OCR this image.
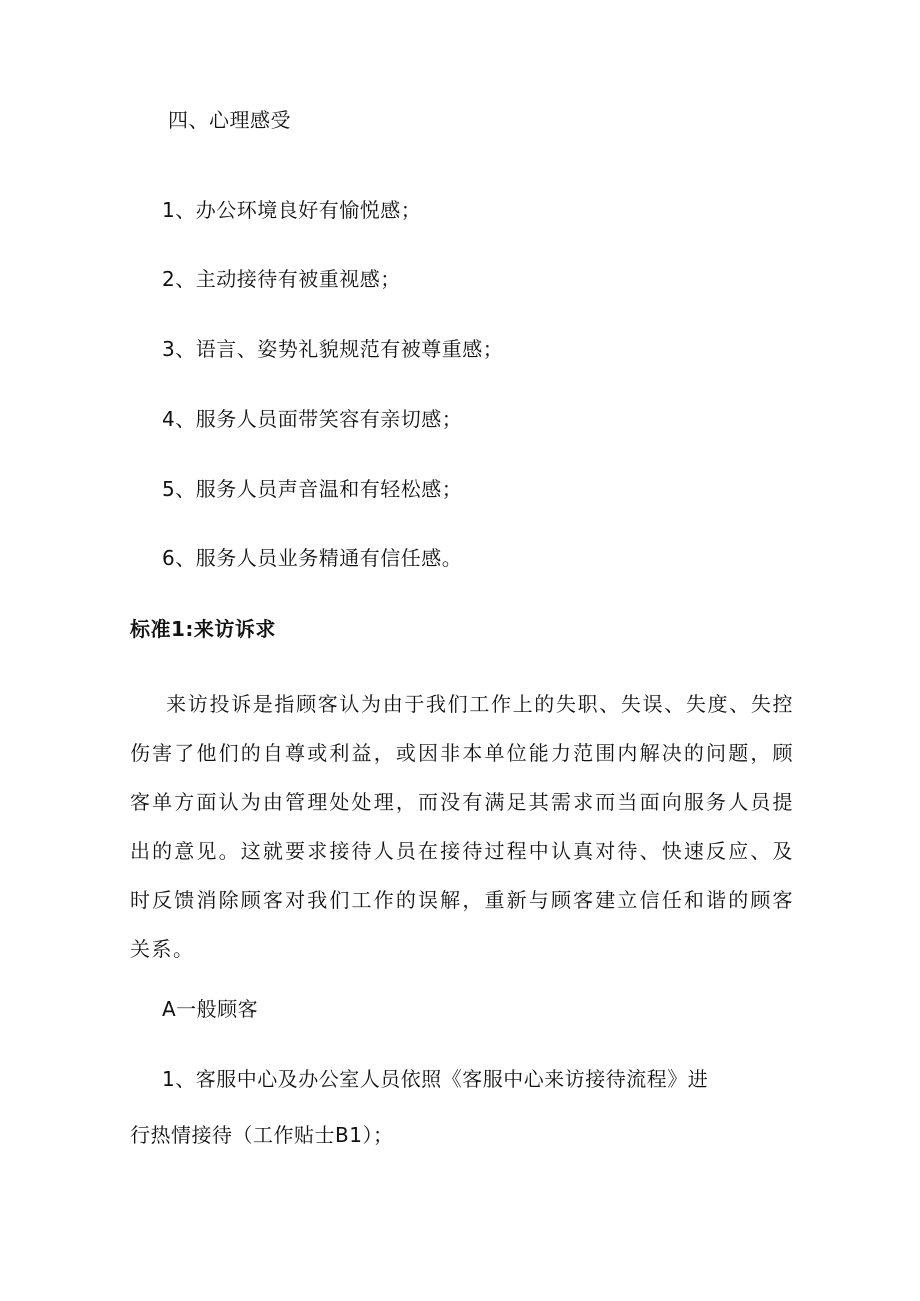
四、心理感受

1、办公环境良好有愉悦感；

2、主动接待有被重视感；

3、语言、姿势礼貌规范有被尊重感；

4、服务人员面带笑容有亲切感；

5、服务人员声音温和有轻松感；

6、服务人员业务精通有信任感。

标准1:来访诉求

来访投诉是指顾客认为由于我们工作上的失职、失误、失度、失控伤害了他们的自尊或利益，或因非本单位能力范围内解决的问题，顾客单方面认为由管理处处理，而没有满足其需求而当面向服务人员提出的意见。这就要求接待人员在接待过程中认真对待、快速反应、及时反馈消除顾客对我们工作的误解，重新与顾客建立信任和谐的顾客关系。

A一般顾客

1、客服中心及办公室人员依照《客服中心来访接待流程》进

行热情接待（工作贴士B1）；
